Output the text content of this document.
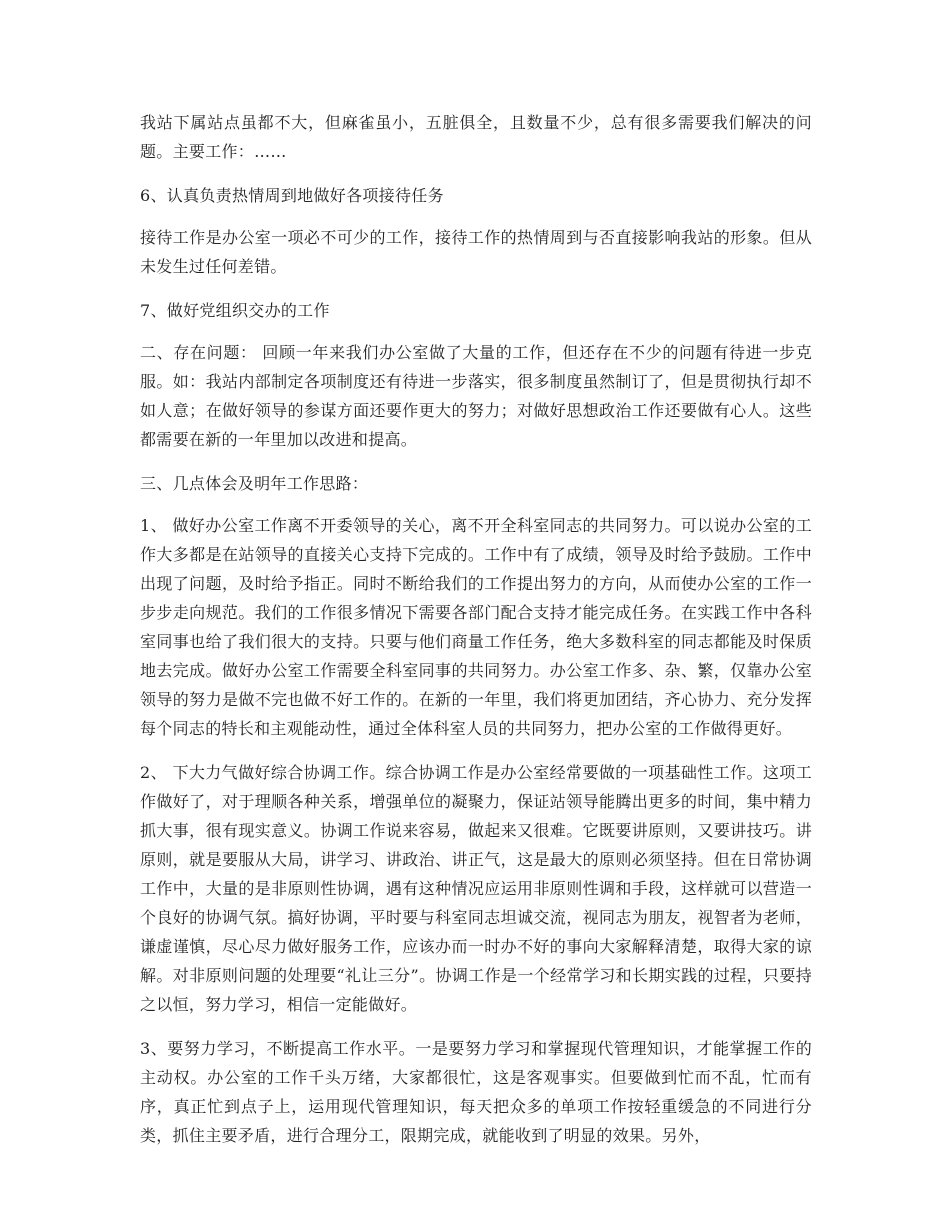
我站下属站点虽都不大，但麻雀虽小，五脏俱全，且数量不少，总有很多需要我们解决的问题。主要工作：……

6、认真负责热情周到地做好各项接待任务

接待工作是办公室一项必不可少的工作，接待工作的热情周到与否直接影响我站的形象。但从未发生过任何差错。

7、做好党组织交办的工作

二、存在问题： 回顾一年来我们办公室做了大量的工作，但还存在不少的问题有待进一步克服。如：我站内部制定各项制度还有待进一步落实，很多制度虽然制订了，但是贯彻执行却不如人意；在做好领导的参谋方面还要作更大的努力；对做好思想政治工作还要做有心人。这些都需要在新的一年里加以改进和提高。

三、几点体会及明年工作思路：

1、 做好办公室工作离不开委领导的关心，离不开全科室同志的共同努力。可以说办公室的工作大多都是在站领导的直接关心支持下完成的。工作中有了成绩，领导及时给予鼓励。工作中出现了问题，及时给予指正。同时不断给我们的工作提出努力的方向，从而使办公室的工作一步步走向规范。我们的工作很多情况下需要各部门配合支持才能完成任务。在实践工作中各科室同事也给了我们很大的支持。只要与他们商量工作任务，绝大多数科室的同志都能及时保质地去完成。做好办公室工作需要全科室同事的共同努力。办公室工作多、杂、繁，仅靠办公室领导的努力是做不完也做不好工作的。在新的一年里，我们将更加团结，齐心协力、充分发挥每个同志的特长和主观能动性，通过全体科室人员的共同努力，把办公室的工作做得更好。

2、 下大力气做好综合协调工作。综合协调工作是办公室经常要做的一项基础性工作。这项工作做好了，对于理顺各种关系，增强单位的凝聚力，保证站领导能腾出更多的时间，集中精力抓大事，很有现实意义。协调工作说来容易，做起来又很难。它既要讲原则，又要讲技巧。讲原则，就是要服从大局，讲学习、讲政治、讲正气，这是最大的原则必须坚持。但在日常协调工作中，大量的是非原则性协调，遇有这种情况应运用非原则性调和手段，这样就可以营造一个良好的协调气氛。搞好协调，平时要与科室同志坦诚交流，视同志为朋友，视智者为老师，谦虚谨慎，尽心尽力做好服务工作，应该办而一时办不好的事向大家解释清楚，取得大家的谅解。对非原则问题的处理要“礼让三分”。协调工作是一个经常学习和长期实践的过程，只要持之以恒，努力学习，相信一定能做好。

3、要努力学习，不断提高工作水平。一是要努力学习和掌握现代管理知识，才能掌握工作的主动权。办公室的工作千头万绪，大家都很忙，这是客观事实。但要做到忙而不乱，忙而有序，真正忙到点子上，运用现代管理知识，每天把众多的单项工作按轻重缓急的不同进行分类，抓住主要矛盾，进行合理分工，限期完成，就能收到了明显的效果。另外，
